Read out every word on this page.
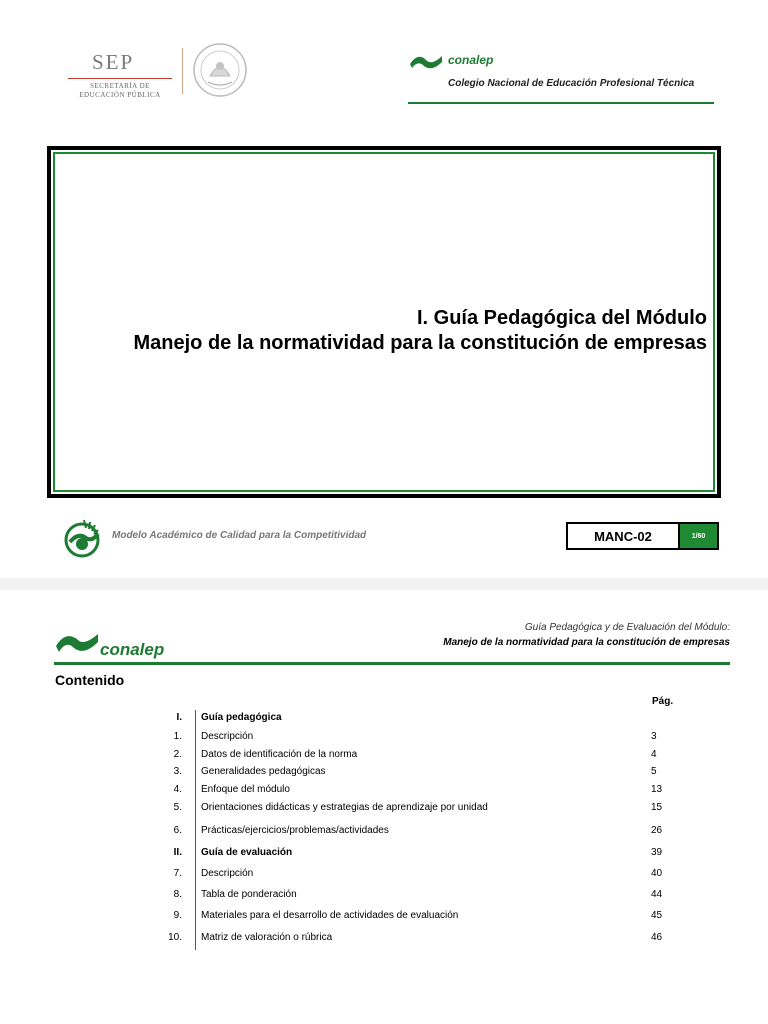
SEP
SECRETARÍA DE
EDUCACIÓN PÚBLICA
conalep
Colegio Nacional de Educación Profesional Técnica
I. Guía Pedagógica del Módulo
Manejo de la normatividad para la constitución de empresas
Modelo Académico de Calidad para la Competitividad	MANC-02	1/60
conalep
Guía Pedagógica y de Evaluación del Módulo:
Manejo de la normatividad para la constitución de empresas
Contenido
Pág.
I. Guía pedagógica
1. Descripción	3
2. Datos de identificación de la norma	4
3. Generalidades pedagógicas	5
4. Enfoque del módulo	13
5. Orientaciones didácticas y estrategias de aprendizaje por unidad	15
6. Prácticas/ejercicios/problemas/actividades	26
II. Guía de evaluación	39
7. Descripción	40
8. Tabla de ponderación	44
9. Materiales para el desarrollo de actividades de evaluación	45
10. Matriz de valoración o rúbrica	46
